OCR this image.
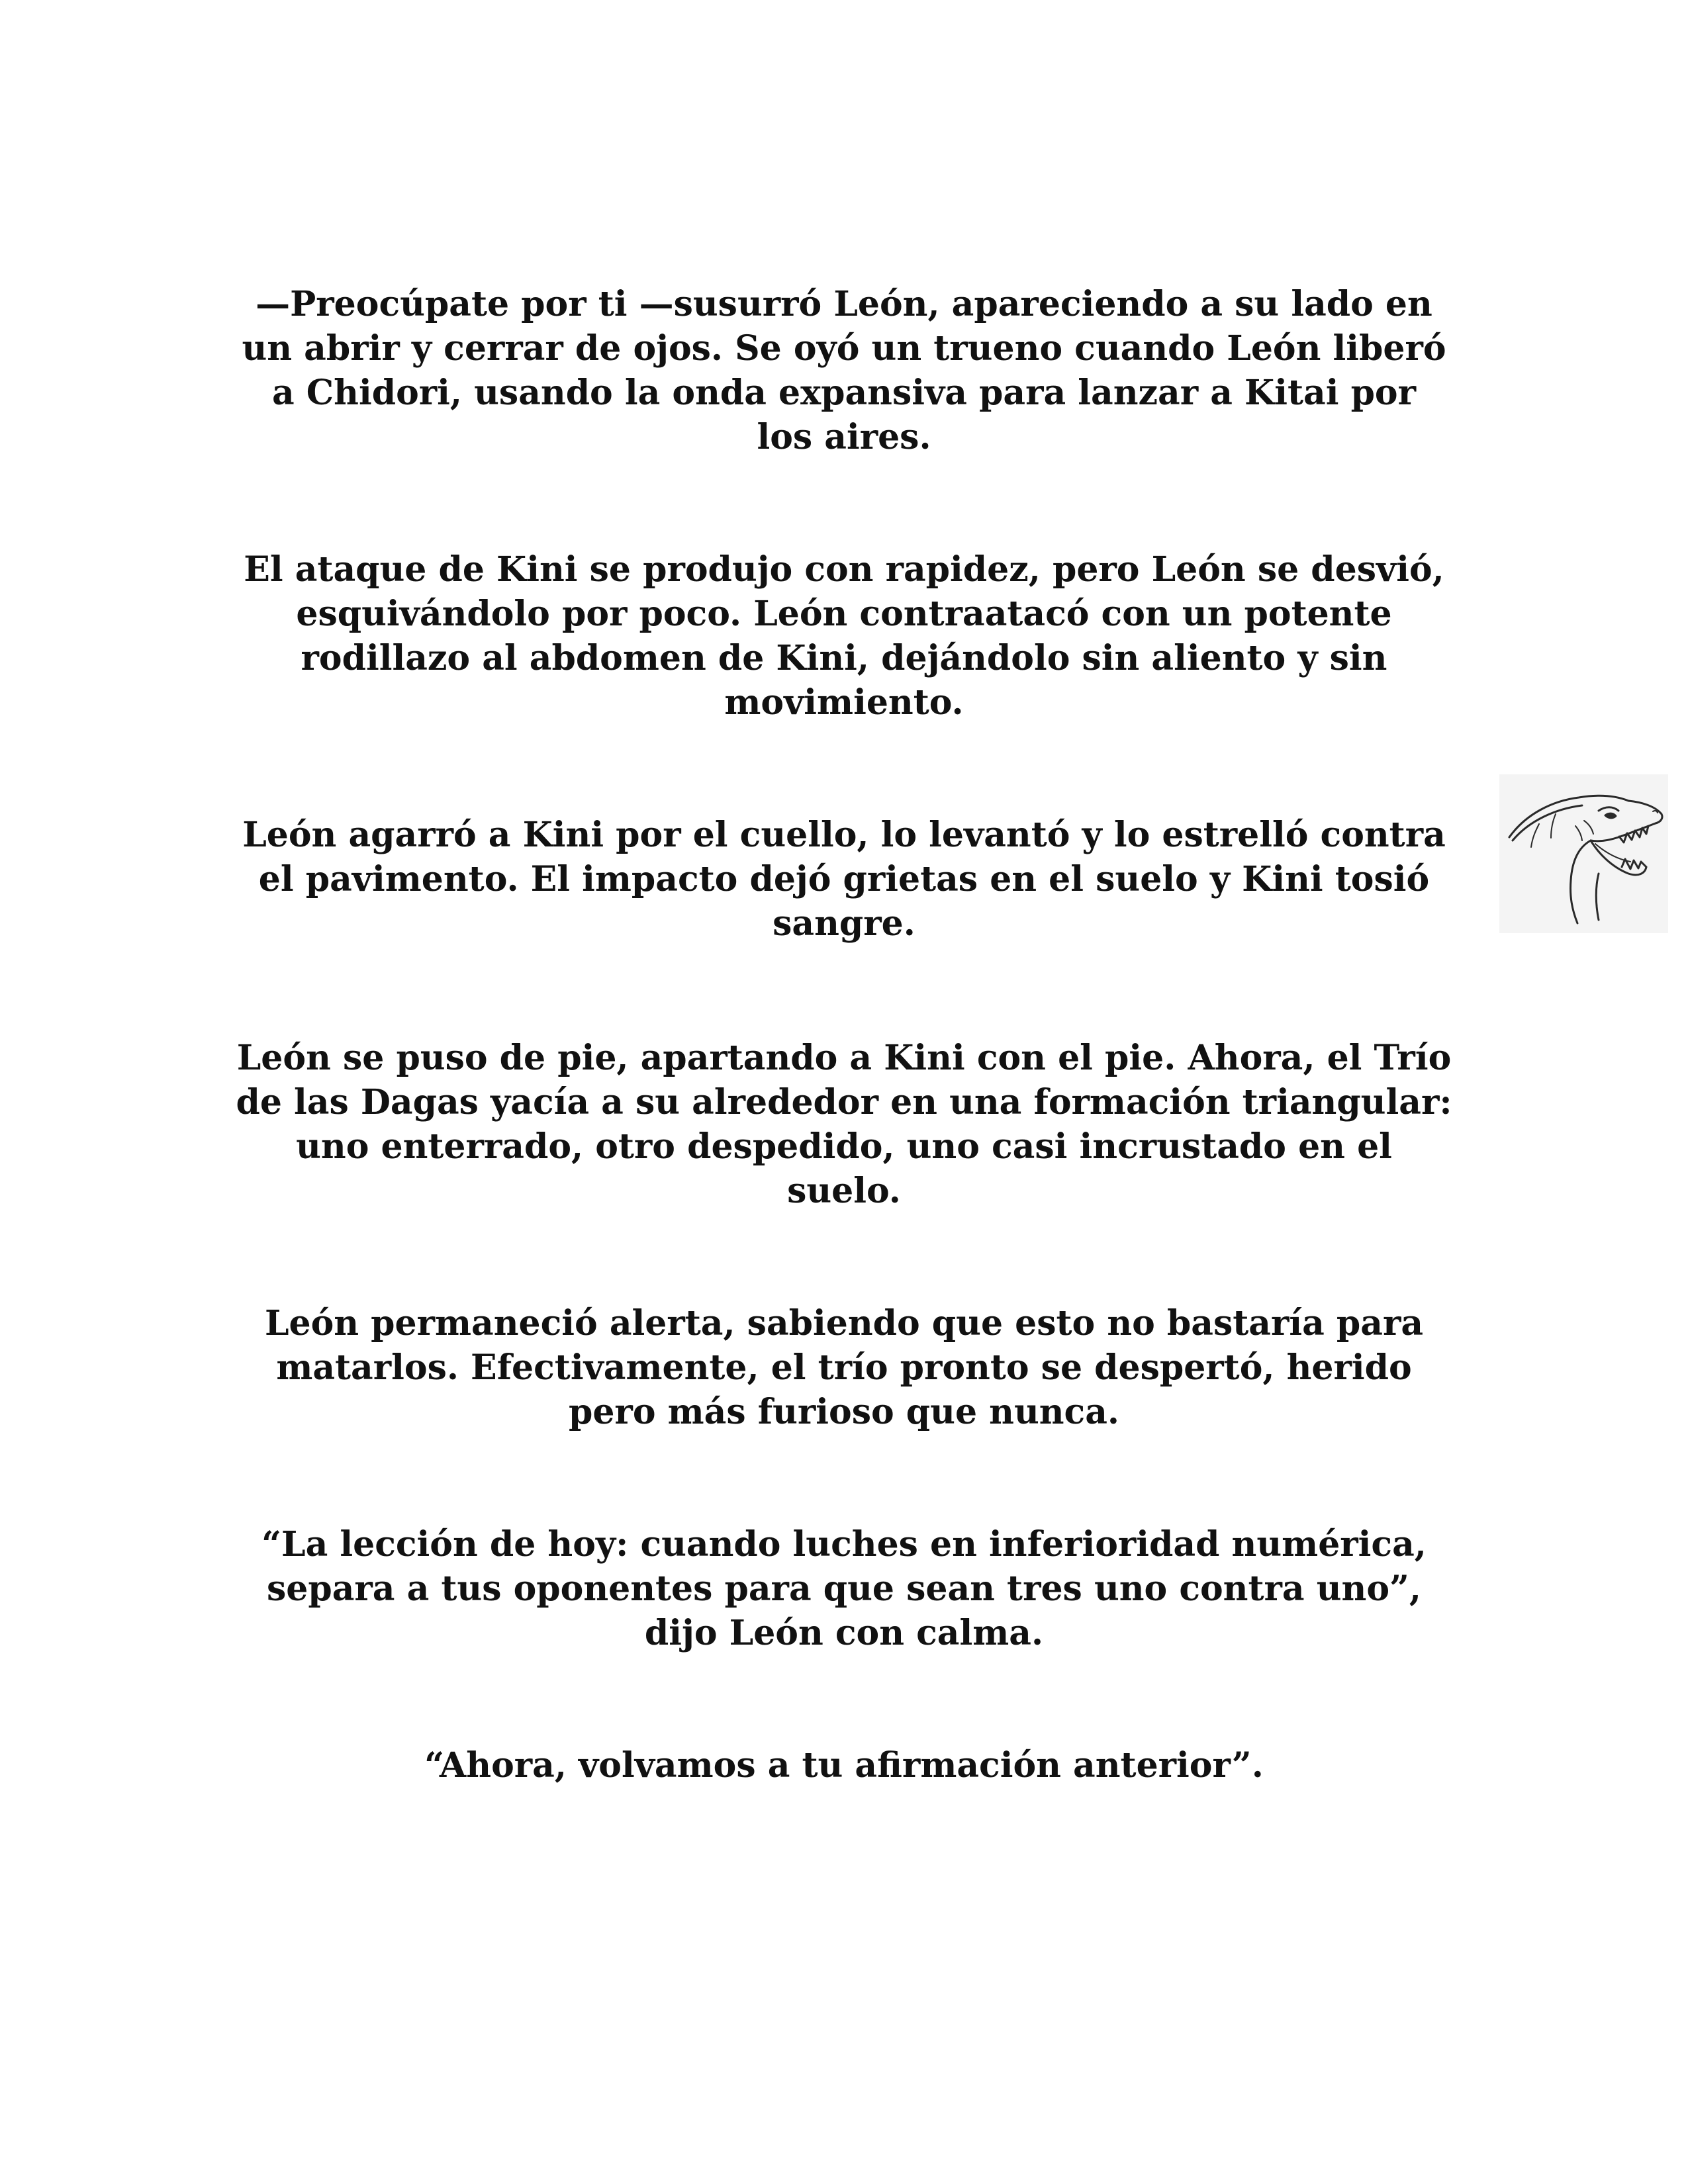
—Preocúpate por ti —susurró León, apareciendo a su lado en
un abrir y cerrar de ojos. Se oyó un trueno cuando León liberó
a Chidori, usando la onda expansiva para lanzar a Kitai por
los aires.

El ataque de Kini se produjo con rapidez, pero León se desvió,
esquivándolo por poco. León contraatacó con un potente
rodillazo al abdomen de Kini, dejándolo sin aliento y sin
movimiento.

León agarró a Kini por el cuello, lo levantó y lo estrelló contra
el pavimento. El impacto dejó grietas en el suelo y Kini tosió
sangre.

León se puso de pie, apartando a Kini con el pie. Ahora, el Trío
de las Dagas yacía a su alrededor en una formación triangular:
uno enterrado, otro despedido, uno casi incrustado en el
suelo.

León permaneció alerta, sabiendo que esto no bastaría para
matarlos. Efectivamente, el trío pronto se despertó, herido
pero más furioso que nunca.

“La lección de hoy: cuando luches en inferioridad numérica,
separa a tus oponentes para que sean tres uno contra uno”,
dijo León con calma.

“Ahora, volvamos a tu afirmación anterior”.
